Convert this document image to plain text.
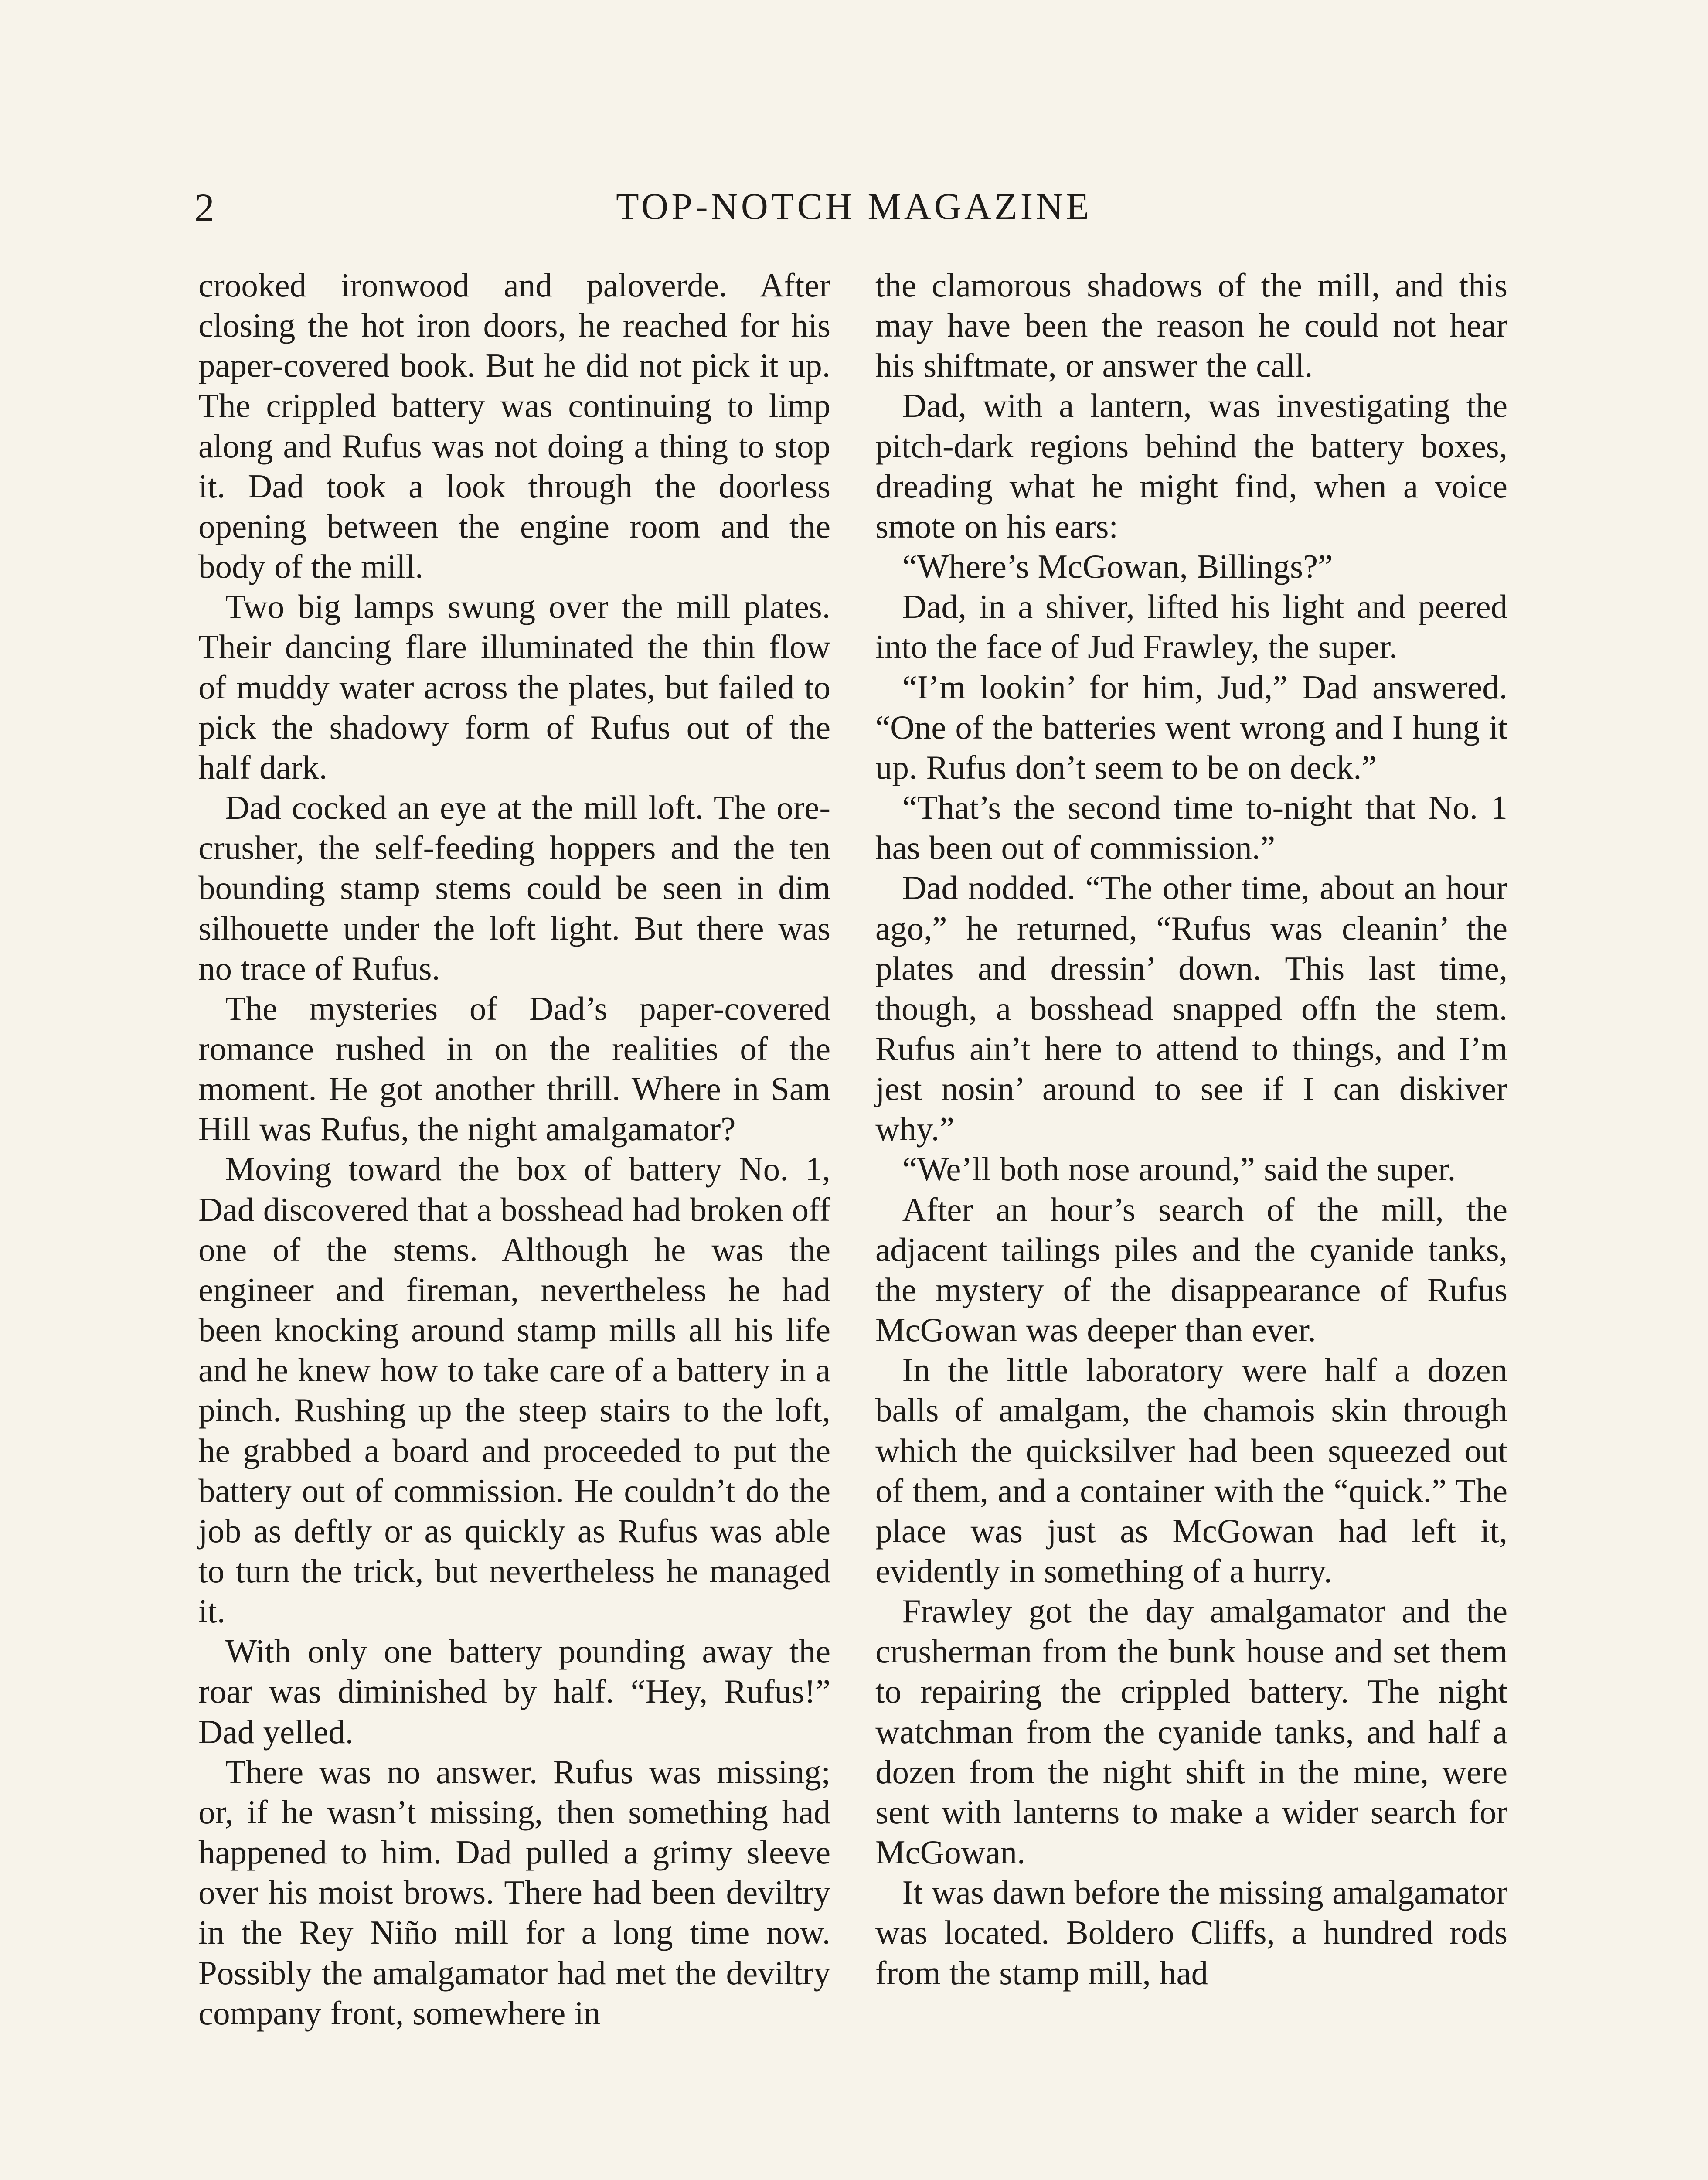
2	TOP-NOTCH MAGAZINE

crooked ironwood and paloverde. After closing the hot iron doors, he reached for his paper-covered book. But he did not pick it up. The crippled battery was continuing to limp along and Rufus was not doing a thing to stop it. Dad took a look through the doorless opening between the engine room and the body of the mill.

Two big lamps swung over the mill plates. Their dancing flare illuminated the thin flow of muddy water across the plates, but failed to pick the shadowy form of Rufus out of the half dark.

Dad cocked an eye at the mill loft. The ore-crusher, the self-feeding hoppers and the ten bounding stamp stems could be seen in dim silhouette under the loft light. But there was no trace of Rufus.

The mysteries of Dad’s paper-covered romance rushed in on the realities of the moment. He got another thrill. Where in Sam Hill was Rufus, the night amalgamator?

Moving toward the box of battery No. 1, Dad discovered that a bosshead had broken off one of the stems. Although he was the engineer and fireman, nevertheless he had been knocking around stamp mills all his life and he knew how to take care of a battery in a pinch. Rushing up the steep stairs to the loft, he grabbed a board and proceeded to put the battery out of commission. He couldn’t do the job as deftly or as quickly as Rufus was able to turn the trick, but nevertheless he managed it.

With only one battery pounding away the roar was diminished by half. “Hey, Rufus!” Dad yelled.

There was no answer. Rufus was missing; or, if he wasn’t missing, then something had happened to him. Dad pulled a grimy sleeve over his moist brows. There had been deviltry in the Rey Niño mill for a long time now. Possibly the amalgamator had met the deviltry company front, somewhere in

the clamorous shadows of the mill, and this may have been the reason he could not hear his shiftmate, or answer the call.

Dad, with a lantern, was investigating the pitch-dark regions behind the battery boxes, dreading what he might find, when a voice smote on his ears:

“Where’s McGowan, Billings?”

Dad, in a shiver, lifted his light and peered into the face of Jud Frawley, the super.

“I’m lookin’ for him, Jud,” Dad answered. “One of the batteries went wrong and I hung it up. Rufus don’t seem to be on deck.”

“That’s the second time to-night that No. 1 has been out of commission.”

Dad nodded. “The other time, about an hour ago,” he returned, “Rufus was cleanin’ the plates and dressin’ down. This last time, though, a bosshead snapped offn the stem. Rufus ain’t here to attend to things, and I’m jest nosin’ around to see if I can diskiver why.”

“We’ll both nose around,” said the super.

After an hour’s search of the mill, the adjacent tailings piles and the cyanide tanks, the mystery of the disappearance of Rufus McGowan was deeper than ever.

In the little laboratory were half a dozen balls of amalgam, the chamois skin through which the quicksilver had been squeezed out of them, and a container with the “quick.” The place was just as McGowan had left it, evidently in something of a hurry.

Frawley got the day amalgamator and the crusherman from the bunk house and set them to repairing the crippled battery. The night watchman from the cyanide tanks, and half a dozen from the night shift in the mine, were sent with lanterns to make a wider search for McGowan.

It was dawn before the missing amalgamator was located. Boldero Cliffs, a hundred rods from the stamp mill, had
